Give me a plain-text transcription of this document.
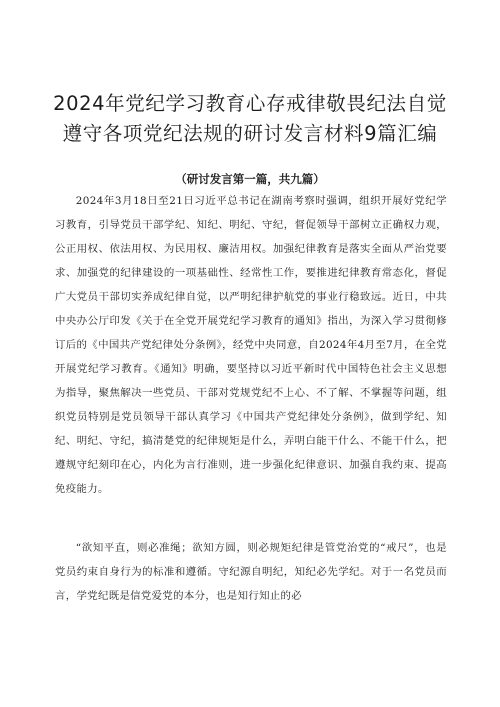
2024年党纪学习教育心存戒律敬畏纪法自觉
遵守各项党纪法规的研讨发言材料9篇汇编
（研讨发言第一篇，共九篇）

2024年3月18日至21日习近平总书记在湖南考察时强调，组织开展好党纪学习教育，引导党员干部学纪、知纪、明纪、守纪，督促领导干部树立正确权力观，公正用权、依法用权、为民用权、廉洁用权。加强纪律教育是落实全面从严治党要求、加强党的纪律建设的一项基础性、经常性工作，要推进纪律教育常态化，督促广大党员干部切实养成纪律自觉，以严明纪律护航党的事业行稳致远。近日，中共中央办公厅印发《关于在全党开展党纪学习教育的通知》指出，为深入学习贯彻修订后的《中国共产党纪律处分条例》，经党中央同意，自2024年4月至7月，在全党开展党纪学习教育。《通知》明确，要坚持以习近平新时代中国特色社会主义思想为指导，聚焦解决一些党员、干部对党规党纪不上心、不了解、不掌握等问题，组织党员特别是党员领导干部认真学习《中国共产党纪律处分条例》，做到学纪、知纪、明纪、守纪，搞清楚党的纪律规矩是什么，弄明白能干什么、不能干什么，把遵规守纪刻印在心，内化为言行准则，进一步强化纪律意识、加强自我约束、提高免疫能力。

“欲知平直，则必准绳；欲知方圆，则必规矩纪律是管党治党的“戒尺”，也是党员约束自身行为的标准和遵循。守纪源自明纪，知纪必先学纪。对于一名党员而言，学党纪既是信党爱党的本分，也是知行知止的必
